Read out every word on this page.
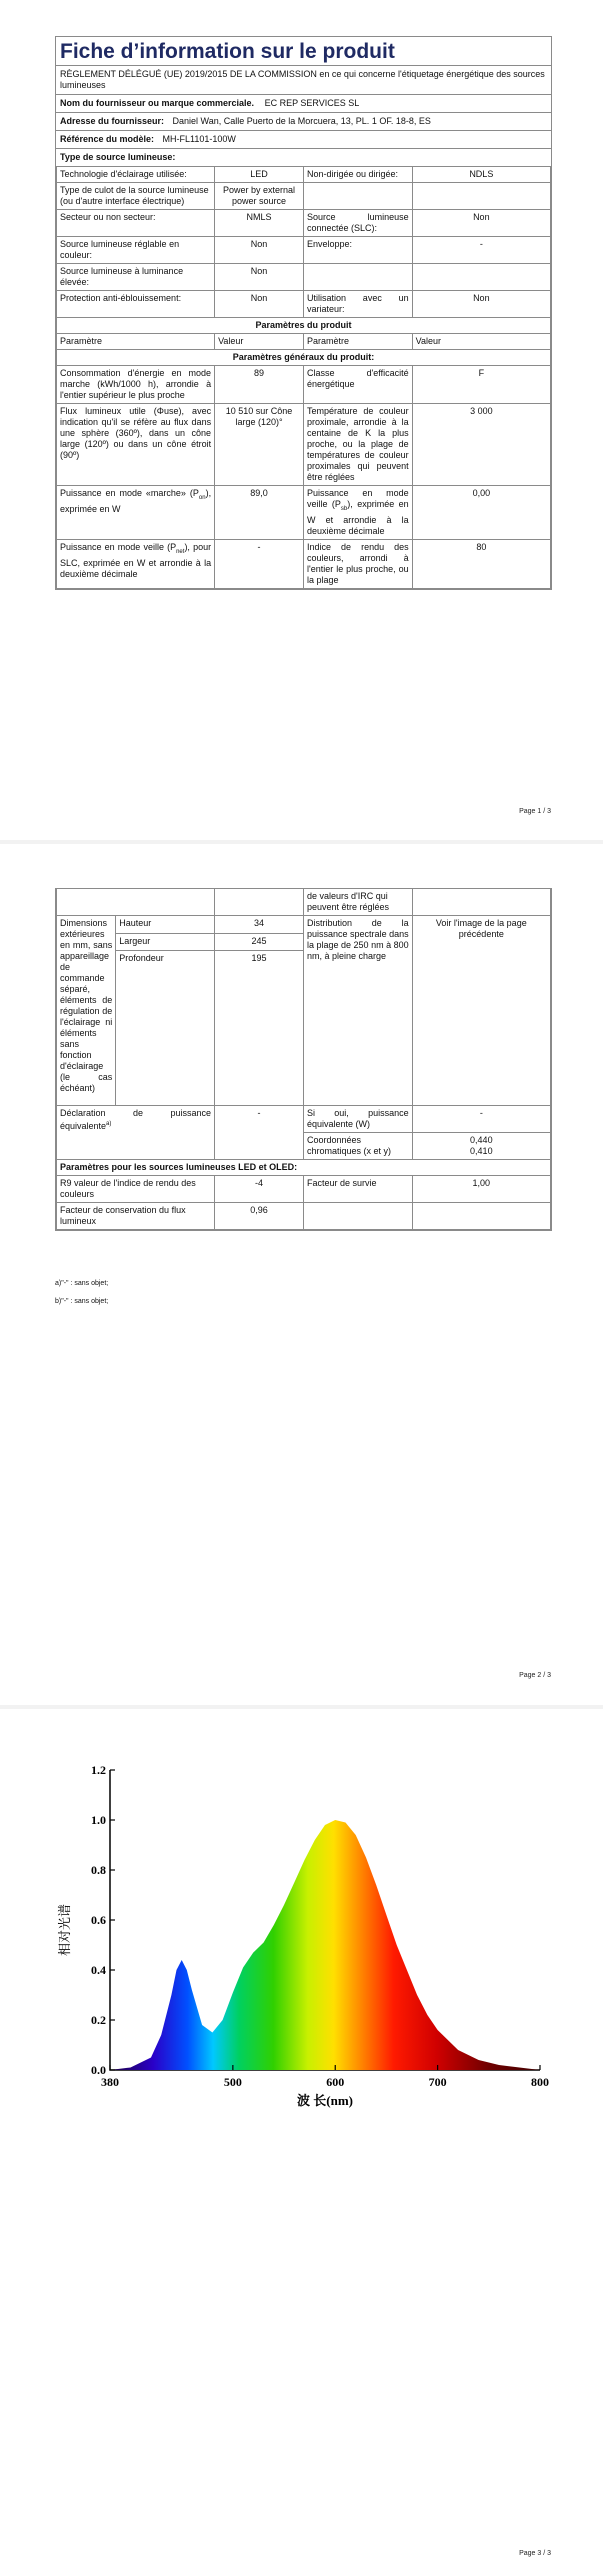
Fiche d’information sur le produit
RÈGLEMENT DÉLÉGUÉ (UE) 2019/2015 DE LA COMMISSION en ce qui concerne l'étiquetage énergétique des sources lumineuses
Nom du fournisseur ou marque commerciale. EC REP SERVICES SL
Adresse du fournisseur: Daniel Wan, Calle Puerto de la Morcuera, 13, PL. 1 OF. 18-8, ES
Référence du modèle: MH-FL1101-100W
Type de source lumineuse:
Technologie d'éclairage utilisée:	LED	Non-dirigée ou dirigée:	NDLS
Type de culot de la source lumineuse (ou d'autre interface électrique)	Power by external power source		
Secteur ou non secteur:	NMLS	Source lumineuse connectée (SLC):	Non
Source lumineuse réglable en couleur:	Non	Enveloppe:	-
Source lumineuse à luminance élevée:	Non		
Protection anti-éblouissement:	Non	Utilisation avec un variateur:	Non
Paramètres du produit			
Paramètre	Valeur	Paramètre	Valeur
Paramètres généraux du produit:			
Consommation d'énergie en mode marche (kWh/1000 h), arrondie à l'entier supérieur le plus proche	89	Classe d'efficacité énergétique	F
Flux lumineux utile (Φuse), avec indication qu'il se réfère au flux dans une sphère (360º), dans un cône large (120º) ou dans un cône étroit (90º)	10 510 sur Cône large (120)°	Température de couleur proximale, arrondie à la centaine de K la plus proche, ou la plage de températures de couleur proximales qui peuvent être réglées	3 000
Puissance en mode «marche» $(P_{on})$, exprimée en W	89,0	Puissance en mode veille $(P_{sb})$, exprimée en W et arrondie à la deuxième décimale	0,00
Puissance en mode veille $(P_{net})$, pour SLC, exprimée en W et arrondie à la deuxième décimale	-	Indice de rendu des couleurs, arrondi à l'entier le plus proche, ou la plage	80
Page 1 / 3
			de valeurs d'IRC qui peuvent être réglées	
Dimensions extérieures en mm, sans appareillage de commande séparé, éléments de régulation de l'éclairage ni éléments sans fonction d'éclairage (le cas échéant)	Hauteur	34	Distribution de la puissance spectrale dans la plage de 250 nm à 800 nm, à pleine charge	Voir l'image de la page précédente
	Largeur	245		
	Profondeur	195		
Déclaration de puissance équivalente$^{a)}$		-	Si oui, puissance équivalente (W)	-
			Coordonnées chromatiques (x et y)	0,440
0,410

Paramètres pour les sources lumineuses LED et OLED:				
R9 valeur de l'indice de rendu des couleurs		-4	Facteur de survie	1,00
Facteur de conservation du flux lumineux		0,96		
a)"-" : sans objet;
b)"-" : sans objet;
Page 2 / 3
0.0
0.2
0.4
0.6
0.8
1.0
1.2
380	500	600	700	800
相对光谱
波 长(nm)
Page 3 / 3
